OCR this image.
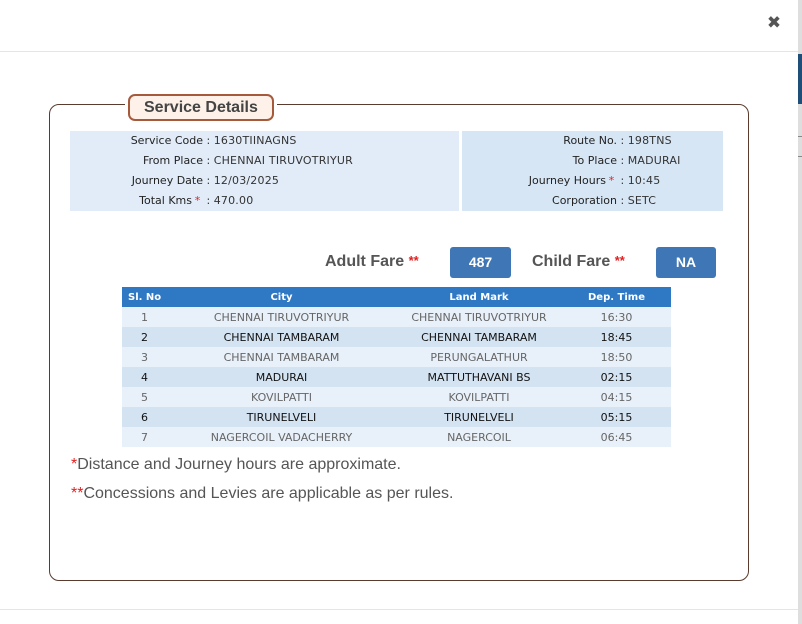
✖
Service Details
Service Code : 1630TIINAGNS
From Place : CHENNAI TIRUVOTRIYUR
Journey Date : 12/03/2025
Total Kms * : 470.00
Route No. : 198TNS
To Place : MADURAI
Journey Hours * : 10:45
Corporation : SETC
Adult Fare **	487	Child Fare **	NA
Sl. No	City	Land Mark	Dep. Time
1	CHENNAI TIRUVOTRIYUR	CHENNAI TIRUVOTRIYUR	16:30
2	CHENNAI TAMBARAM	CHENNAI TAMBARAM	18:45
3	CHENNAI TAMBARAM	PERUNGALATHUR	18:50
4	MADURAI	MATTUTHAVANI BS	02:15
5	KOVILPATTI	KOVILPATTI	04:15
6	TIRUNELVELI	TIRUNELVELI	05:15
7	NAGERCOIL VADACHERRY	NAGERCOIL	06:45
*Distance and Journey hours are approximate.
**Concessions and Levies are applicable as per rules.
